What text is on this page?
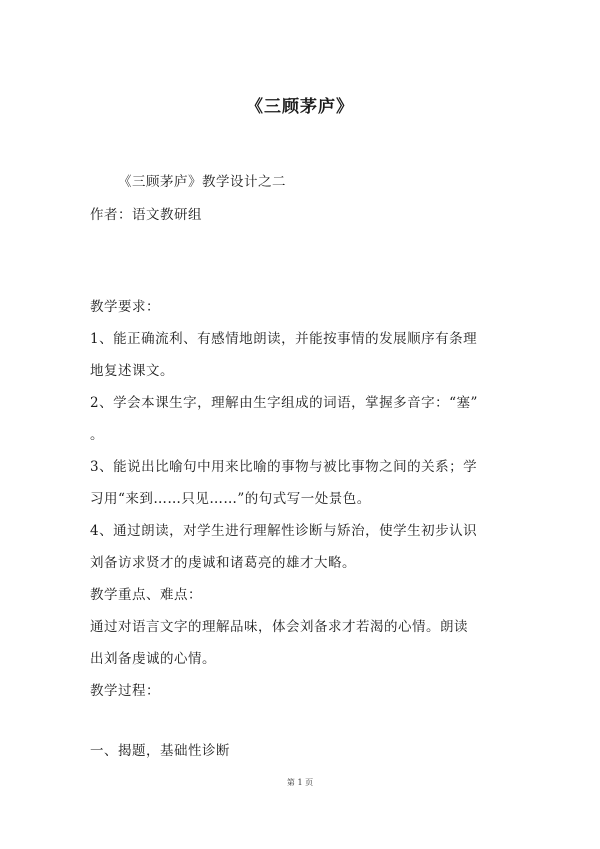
《三顾茅庐》
《三顾茅庐》教学设计之二
作者：语文教研组
教学要求：
1、能正确流利、有感情地朗读，并能按事情的发展顺序有条理
地复述课文。
2、学会本课生字，理解由生字组成的词语，掌握多音字：“塞”
。
3、能说出比喻句中用来比喻的事物与被比事物之间的关系；学
习用“来到……只见……”的句式写一处景色。
4、通过朗读，对学生进行理解性诊断与矫治，使学生初步认识
刘备访求贤才的虔诚和诸葛亮的雄才大略。
教学重点、难点：
通过对语言文字的理解品味，体会刘备求才若渴的心情。朗读
出刘备虔诚的心情。
教学过程：
一、揭题，基础性诊断
第 1 页
